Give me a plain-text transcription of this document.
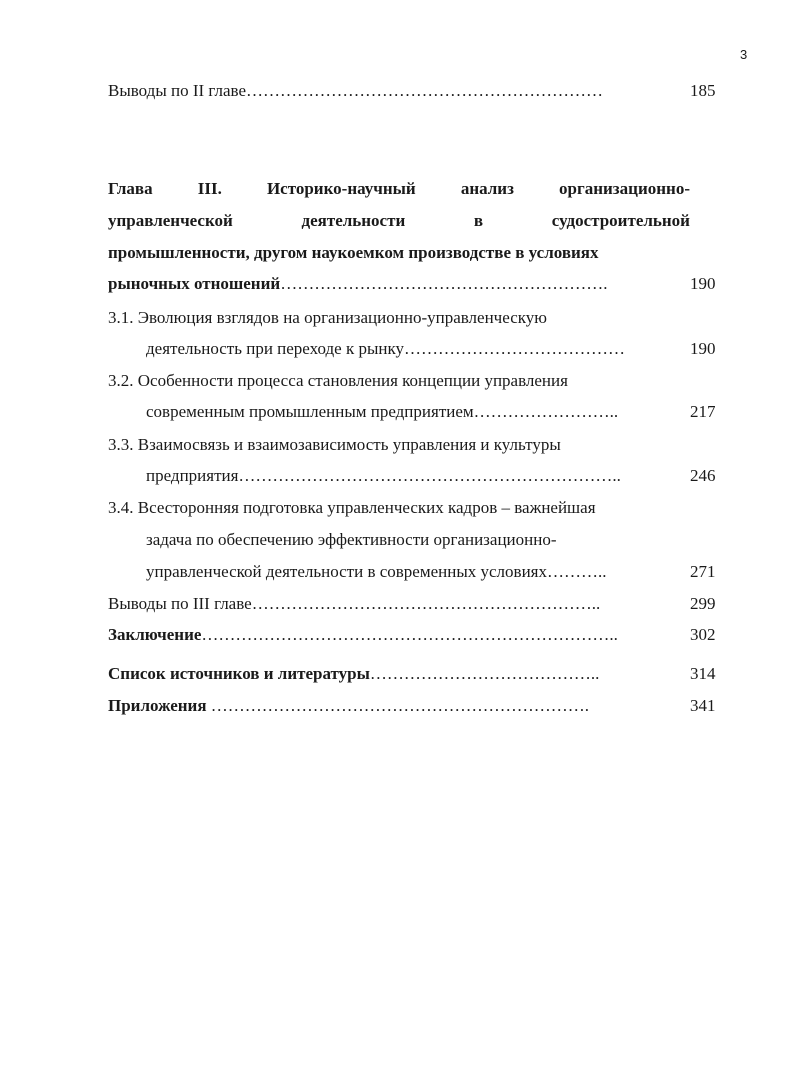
3
Выводы по II главе………………………………………………………	185
Глава	III.	Историко-научный	анализ	организационно-
управленческой	деятельности	в	судостроительной
промышленности, другом наукоемком производстве в условиях
рыночных отношений………………………………………………….	190
3.1. Эволюция взглядов на организационно-управленческую
деятельность при переходе к рынку…………………………………	190
3.2. Особенности процесса становления концепции управления
современным промышленным предприятием……………………..	217
3.3. Взаимосвязь и взаимозависимость управления и культуры
предприятия…………………………………………………………..	246
3.4. Всесторонняя подготовка управленческих кадров – важнейшая
задача по обеспечению эффективности организационно-
управленческой деятельности в современных условиях………..	271
Выводы по III главе……………………………………………………..	299
Заключение………………………………………………………………..	302
Список источников и литературы…………………………………..	314
Приложения ………………………………………………………….	341
